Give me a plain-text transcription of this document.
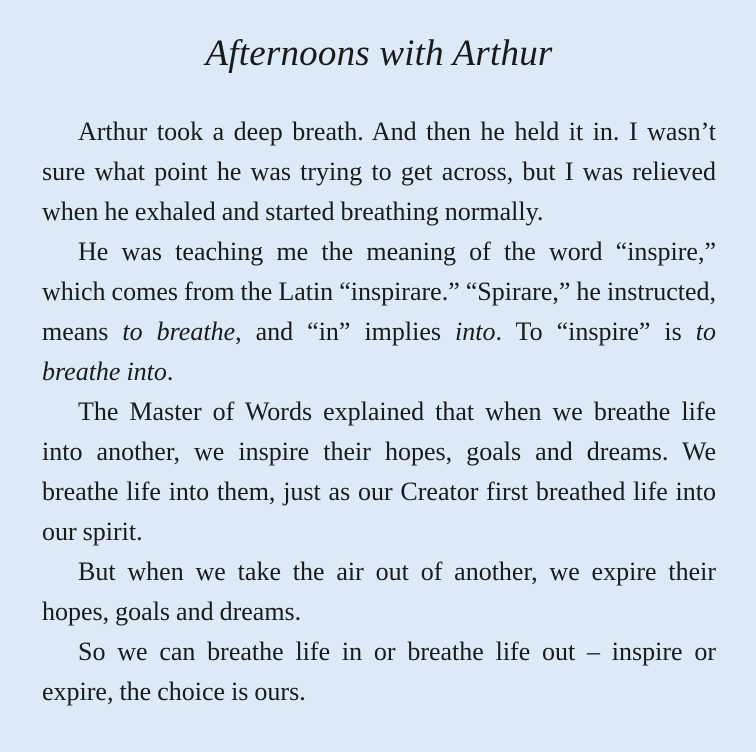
Afternoons with Arthur

Arthur took a deep breath. And then he held it in. I wasn’t sure what point he was trying to get across, but I was relieved when he exhaled and started breathing normally.

He was teaching me the meaning of the word “inspire,” which comes from the Latin “inspirare.” “Spirare,” he instructed, means to breathe, and “in” implies into. To “inspire” is to breathe into.

The Master of Words explained that when we breathe life into another, we inspire their hopes, goals and dreams. We breathe life into them, just as our Creator first breathed life into our spirit.

But when we take the air out of another, we expire their hopes, goals and dreams.

So we can breathe life in or breathe life out – inspire or expire, the choice is ours.
